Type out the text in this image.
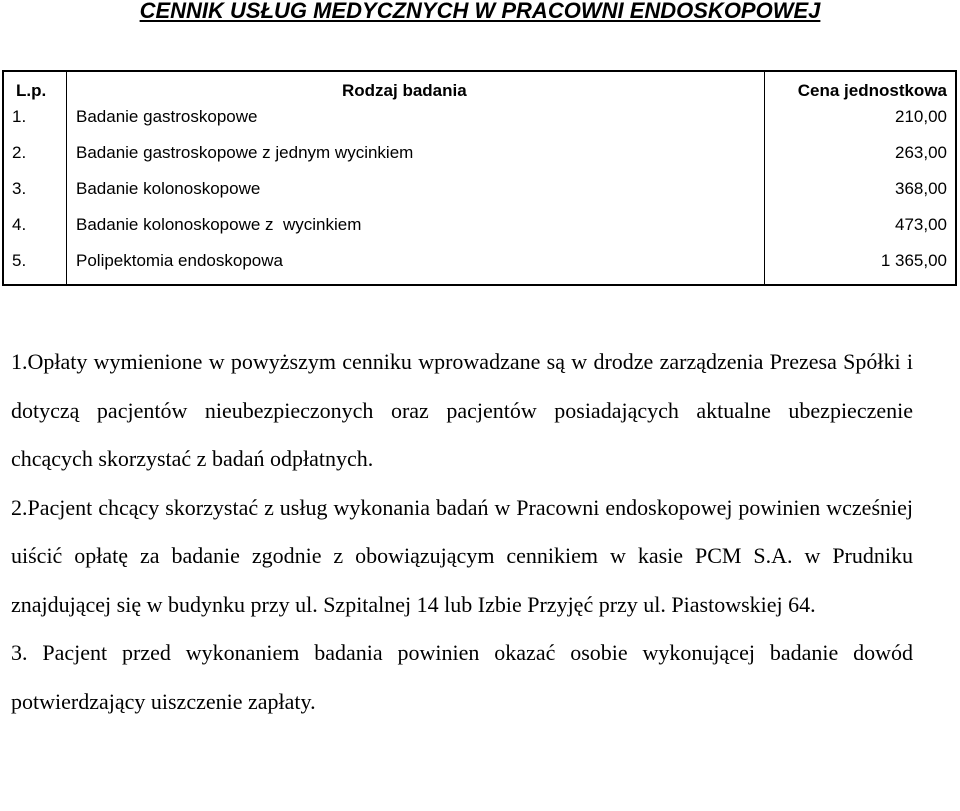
CENNIK USŁUG MEDYCZNYCH W PRACOWNI ENDOSKOPOWEJ
L.p.	Rodzaj badania	Cena jednostkowa
1.	Badanie gastroskopowe	210,00
2.	Badanie gastroskopowe z jednym wycinkiem	263,00
3.	Badanie kolonoskopowe	368,00
4.	Badanie kolonoskopowe z  wycinkiem	473,00
5.	Polipektomia endoskopowa	1 365,00

1.Opłaty wymienione w powyższym cenniku wprowadzane są w drodze zarządzenia Prezesa Spółki i dotyczą pacjentów nieubezpieczonych oraz pacjentów posiadających aktualne ubezpieczenie chcących skorzystać z badań odpłatnych.

2.Pacjent chcący skorzystać z usług wykonania badań w Pracowni endoskopowej powinien wcześniej uiścić opłatę za badanie zgodnie z obowiązującym cennikiem w kasie PCM S.A. w Prudniku znajdującej się w budynku przy ul. Szpitalnej 14 lub Izbie Przyjęć przy ul. Piastowskiej 64.

3. Pacjent przed wykonaniem badania powinien okazać osobie wykonującej badanie dowód potwierdzający uiszczenie zapłaty.
